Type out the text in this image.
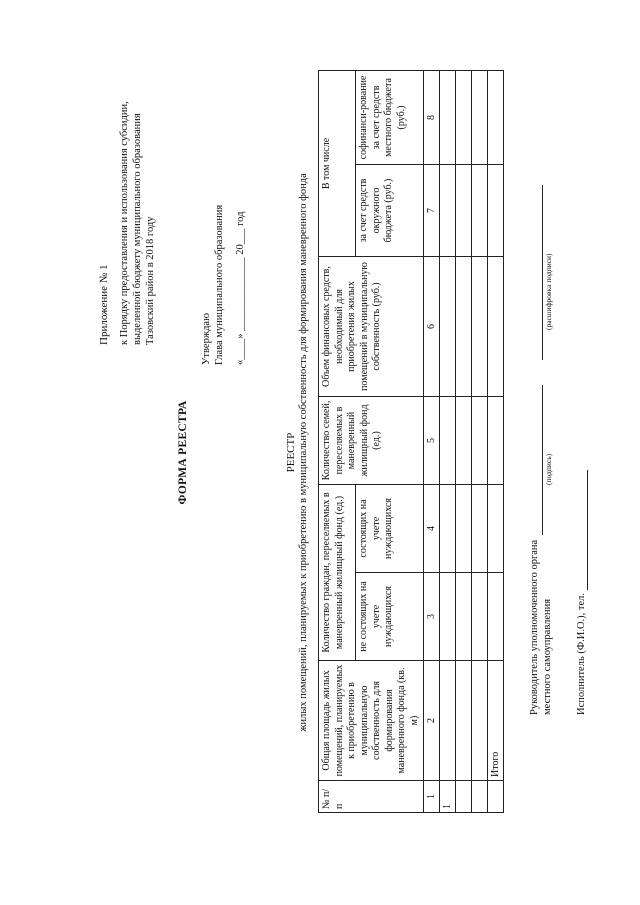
Приложение № 1 к Порядку предоставления и использования субсидии, выделенной бюджету муниципального образования Тазовский район в 2018 году
ФОРМА РЕЕСТРА
Утверждаю Глава муниципального образования «____» ______________ 20___ год
РЕЕСТР жилых помещений, планируемых к приобретению в муниципальную собственность для формирования маневренного фонда
№ п/п	Общая площадь жилых помещений, планируемых к приобретению в муниципальную собственность для формирования маневренного фонда (кв. м)	Количество граждан, переселяемых в маневренный жилищный фонд (ед.)		Количество семей, переселяемых в маневренный жилищный фонд (ед.)	Объем финансовых средств, необходимый для приобретения жилых помещений в муниципальную собственность (руб.)	В том числе	
		не состоящих на учете нуждающихся	состоящих на учете нуждающихся			за счет средств окружного бюджета (руб.)	софинанси-рование за счет средств местного бюджета (руб.)
1	2	3	4	5	6	7	8
1							

	Итого						
Руководитель уполномоченного органа местного самоуправления
(подпись)
(расшифровка подписи)
Исполнитель (Ф.И.О.), тел.
